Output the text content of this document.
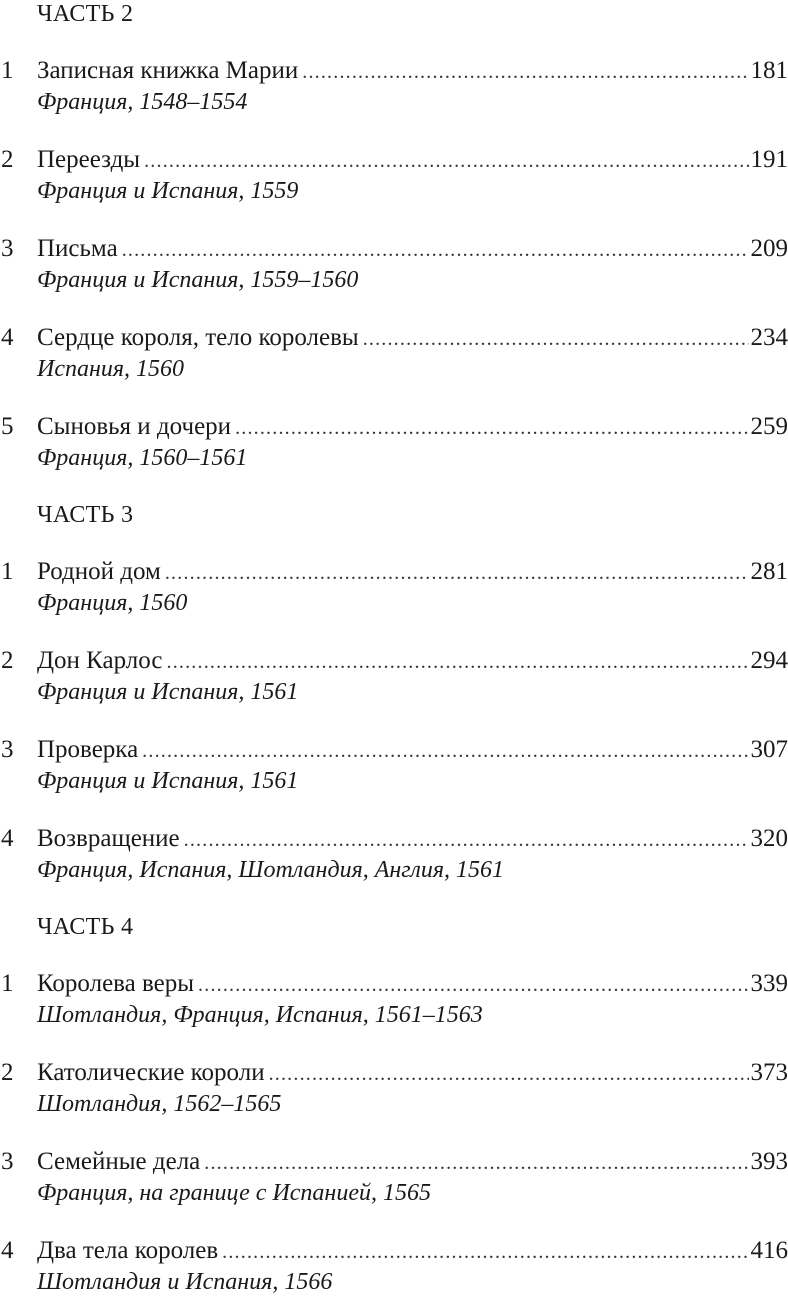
ЧАСТЬ 2
1 Записная книжка Марии .....	181
Франция, 1548–1554
2 Переезды .....	191
Франция и Испания, 1559
3 Письма .....	209
Франция и Испания, 1559–1560
4 Сердце короля, тело королевы .....	234
Испания, 1560
5 Сыновья и дочери .....	259
Франция, 1560–1561
ЧАСТЬ 3
1 Родной дом .....	281
Франция, 1560
2 Дон Карлос .....	294
Франция и Испания, 1561
3 Проверка .....	307
Франция и Испания, 1561
4 Возвращение .....	320
Франция, Испания, Шотландия, Англия, 1561
ЧАСТЬ 4
1 Королева веры .....	339
Шотландия, Франция, Испания, 1561–1563
2 Католические короли .....	373
Шотландия, 1562–1565
3 Семейные дела .....	393
Франция, на границе с Испанией, 1565
4 Два тела королев .....	416
Шотландия и Испания, 1566
